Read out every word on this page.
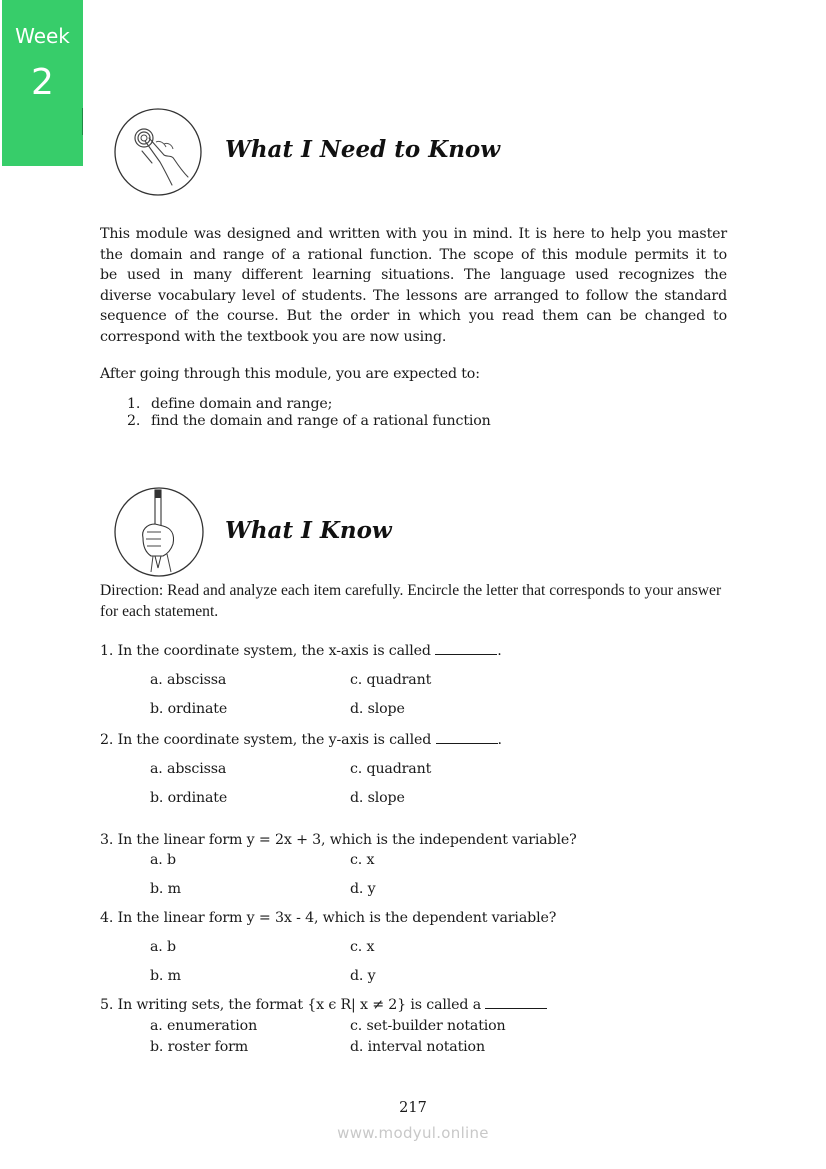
Week
2
What I Need to Know
This module was designed and written with you in mind. It is here to help you master
the domain and range of a rational function. The scope of this module permits it to
be used in many different learning situations. The language used recognizes the
diverse vocabulary level of students. The lessons are arranged to follow the standard
sequence of the course. But the order in which you read them can be changed to
correspond with the textbook you are now using.
After going through this module, you are expected to:
1. define domain and range;
2. find the domain and range of a rational function
What I Know
Direction: Read and analyze each item carefully. Encircle the letter that corresponds to your answer for each statement.
1. In the coordinate system, the x-axis is called	.
a. abscissa	c. quadrant
b. ordinate	d. slope
2. In the coordinate system, the y-axis is called	.
a. abscissa	c. quadrant
b. ordinate	d. slope
3. In the linear form y = 2x + 3, which is the independent variable?
a. b	c. x
b. m	d. y
4. In the linear form y = 3x - 4, which is the dependent variable?
a. b	c. x
b. m	d. y
5. In writing sets, the format {x ϵ R| x ≠ 2} is called a
a. enumeration	c. set-builder notation
b. roster form	d. interval notation
217
www.modyul.online
